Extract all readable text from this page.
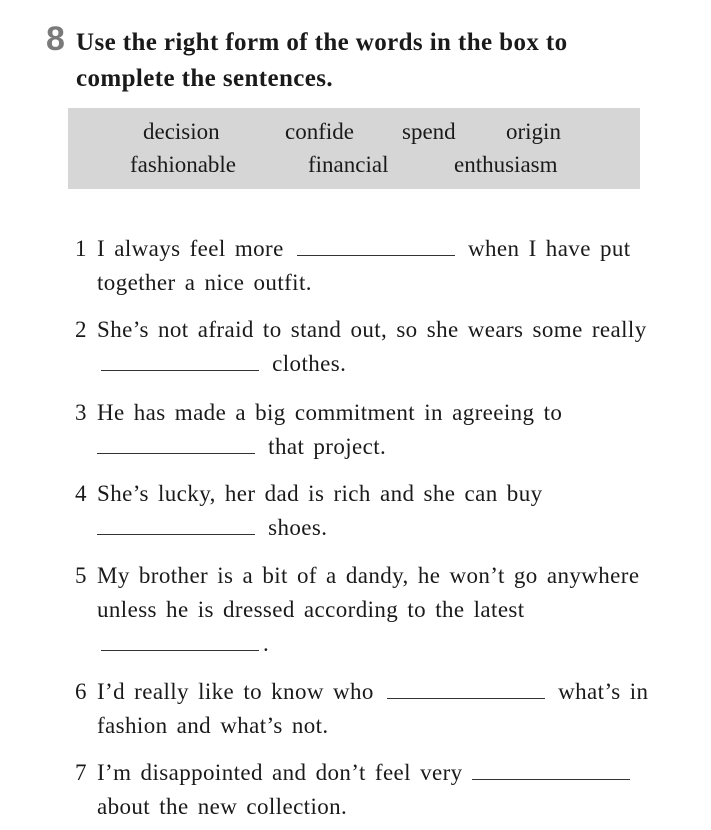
8 Use the right form of the words in the box to complete the sentences.
decision	confide spend origin
fashionable	financial	enthusiasm
1 I always feel more	when I have put together a nice outfit.
2 She’s not afraid to stand out, so she wears some really  clothes.
3 He has made a big commitment in agreeing to  that project.
4 She’s lucky, her dad is rich and she can buy  shoes.
5 My brother is a bit of a dandy, he won’t go anywhere unless he is dressed according to the latest .
6 I’d really like to know who	what’s in fashion and what’s not.
7 I’m disappointed and don’t feel very  about the new collection.
